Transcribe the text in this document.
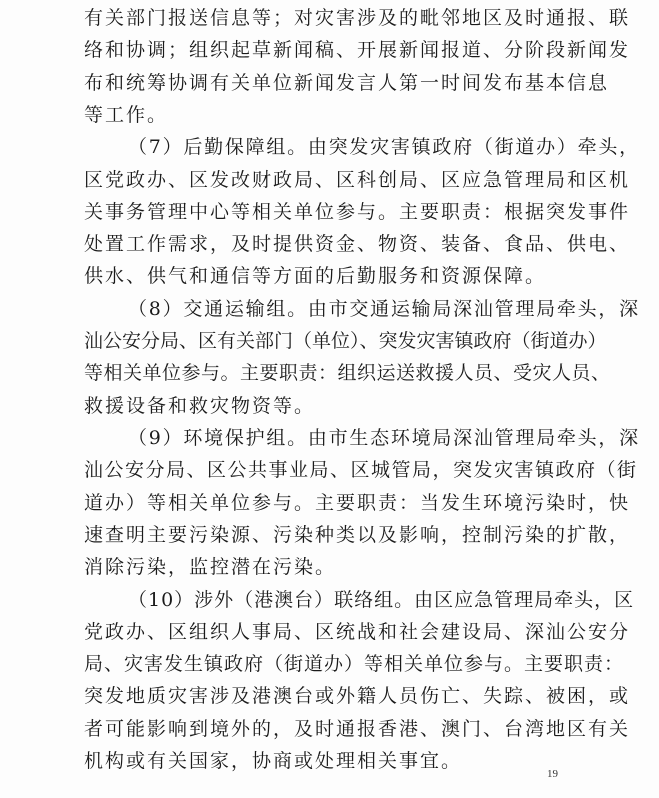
有关部门报送信息等；对灾害涉及的毗邻地区及时通报、联
络和协调；组织起草新闻稿、开展新闻报道、分阶段新闻发
布和统筹协调有关单位新闻发言人第一时间发布基本信息
等工作。
（7）后勤保障组。由突发灾害镇政府（街道办）牵头，
区党政办、区发改财政局、区科创局、区应急管理局和区机
关事务管理中心等相关单位参与。主要职责：根据突发事件
处置工作需求，及时提供资金、物资、装备、食品、供电、
供水、供气和通信等方面的后勤服务和资源保障。
（8）交通运输组。由市交通运输局深汕管理局牵头，深
汕公安分局、区有关部门（单位）、突发灾害镇政府（街道办）
等相关单位参与。主要职责：组织运送救援人员、受灾人员、
救援设备和救灾物资等。
（9）环境保护组。由市生态环境局深汕管理局牵头，深
汕公安分局、区公共事业局、区城管局，突发灾害镇政府（街
道办）等相关单位参与。主要职责：当发生环境污染时，快
速查明主要污染源、污染种类以及影响，控制污染的扩散，
消除污染，监控潜在污染。
（10）涉外（港澳台）联络组。由区应急管理局牵头，区
党政办、区组织人事局、区统战和社会建设局、深汕公安分
局、灾害发生镇政府（街道办）等相关单位参与。主要职责：
突发地质灾害涉及港澳台或外籍人员伤亡、失踪、被困，或
者可能影响到境外的，及时通报香港、澳门、台湾地区有关
机构或有关国家，协商或处理相关事宜。
19
